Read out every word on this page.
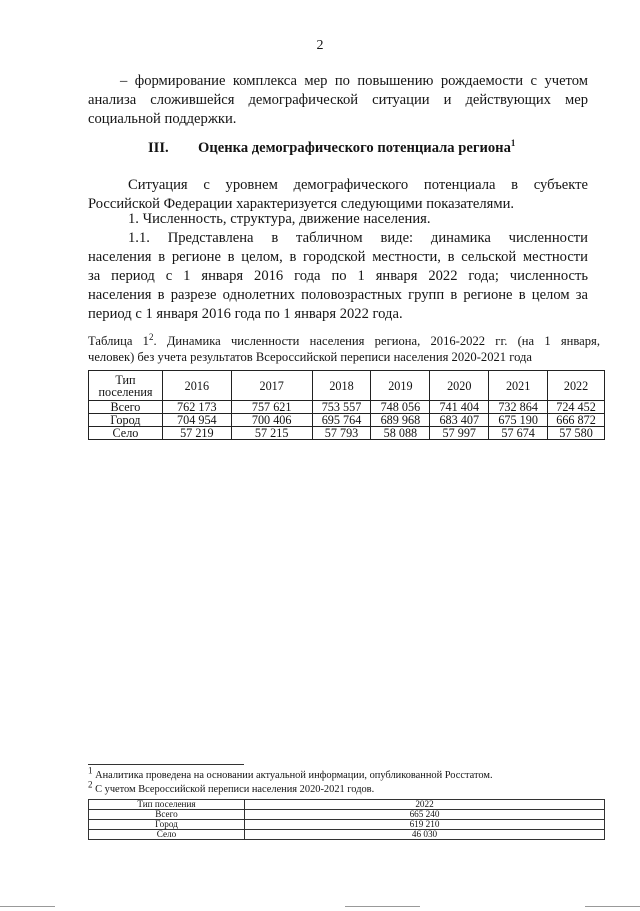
2
– формирование комплекса мер по повышению рождаемости с учетом
анализа сложившейся демографической ситуации и действующих мер
социальной поддержки.
III. Оценка демографического потенциала региона$^1$
Ситуация с уровнем демографического потенциала в субъекте
Российской Федерации характеризуется следующими показателями.
1. Численность, структура, движение населения.
1.1. Представлена в табличном виде: динамика численности
населения в регионе в целом, в городской местности, в сельской местности
за период с 1 января 2016 года по 1 января 2022 года; численность
населения в разрезе однолетних половозрастных групп в регионе в целом за
период с 1 января 2016 года по 1 января 2022 года.
Таблица $1^2$. Динамика численности населения региона, 2016-2022 гг. (на 1 января,
человек) без учета результатов Всероссийской переписи населения 2020-2021 года
Тип
поселения	2016	2017	2018	2019	2020	2021	2022
Всего	762 173	757 621	753 557	748 056	741 404	732 864	724 452
Город	704 954	700 406	695 764	689 968	683 407	675 190	666 872
Село	57 219	57 215	57 793	58 088	57 997	57 674	57 580
$^1$ Аналитика проведена на основании актуальной информации, опубликованной Росстатом.
$^2$ С учетом Всероссийской переписи населения 2020-2021 годов.
Тип поселения	2022
Всего	665 240
Город	619 210
Село	46 030
